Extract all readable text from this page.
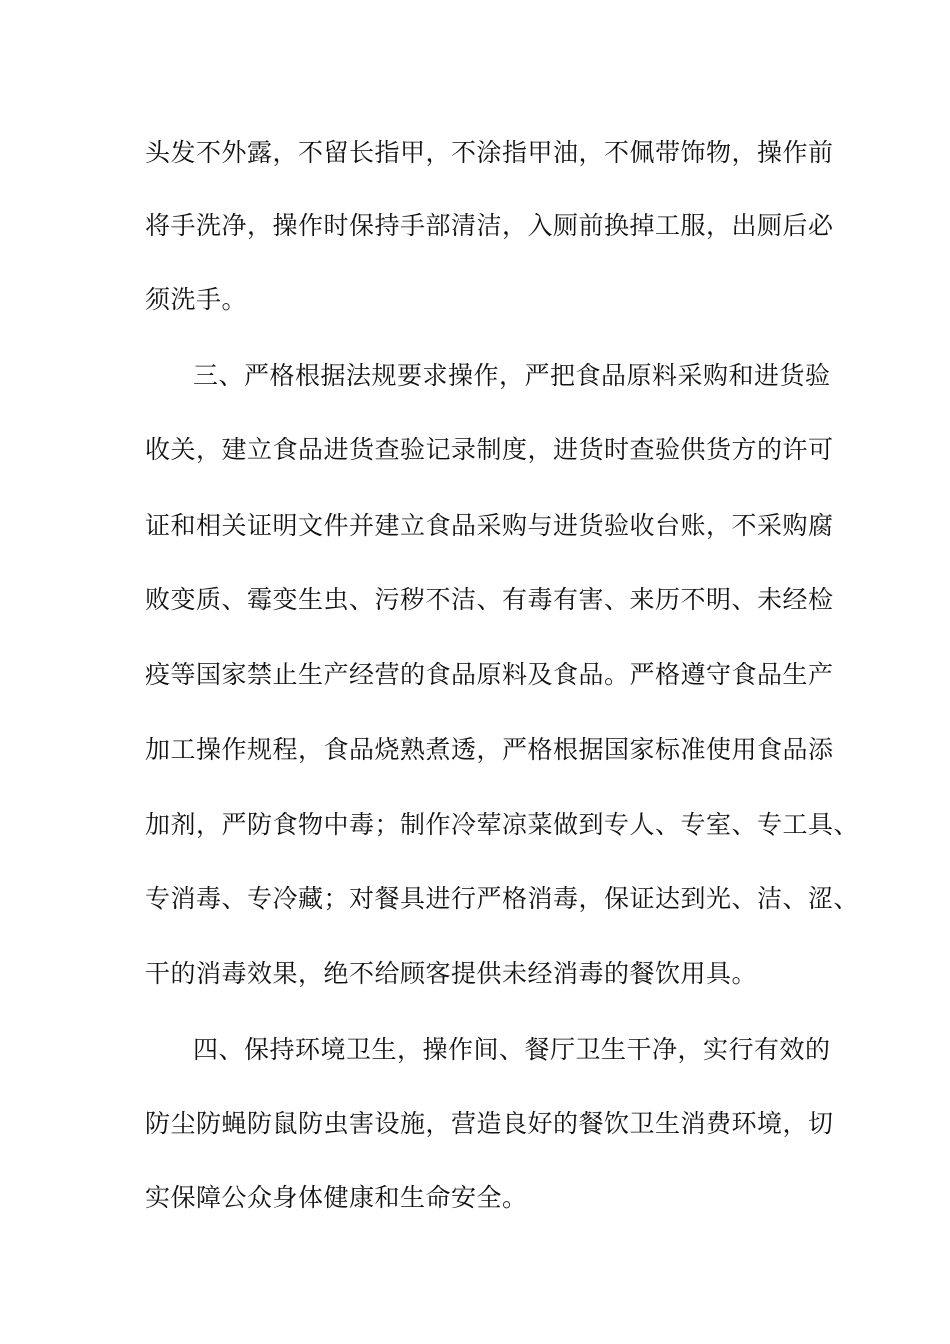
头发不外露，不留长指甲，不涂指甲油，不佩带饰物，操作前
将手洗净，操作时保持手部清洁，入厕前换掉工服，出厕后必
须洗手。
三、严格根据法规要求操作，严把食品原料采购和进货验
收关，建立食品进货查验记录制度，进货时查验供货方的许可
证和相关证明文件并建立食品采购与进货验收台账，不采购腐
败变质、霉变生虫、污秽不洁、有毒有害、来历不明、未经检
疫等国家禁止生产经营的食品原料及食品。严格遵守食品生产
加工操作规程，食品烧熟煮透，严格根据国家标准使用食品添
加剂，严防食物中毒；制作冷荤凉菜做到专人、专室、专工具、
专消毒、专冷藏；对餐具进行严格消毒，保证达到光、洁、涩、
干的消毒效果，绝不给顾客提供未经消毒的餐饮用具。
四、保持环境卫生，操作间、餐厅卫生干净，实行有效的
防尘防蝇防鼠防虫害设施，营造良好的餐饮卫生消费环境，切
实保障公众身体健康和生命安全。
